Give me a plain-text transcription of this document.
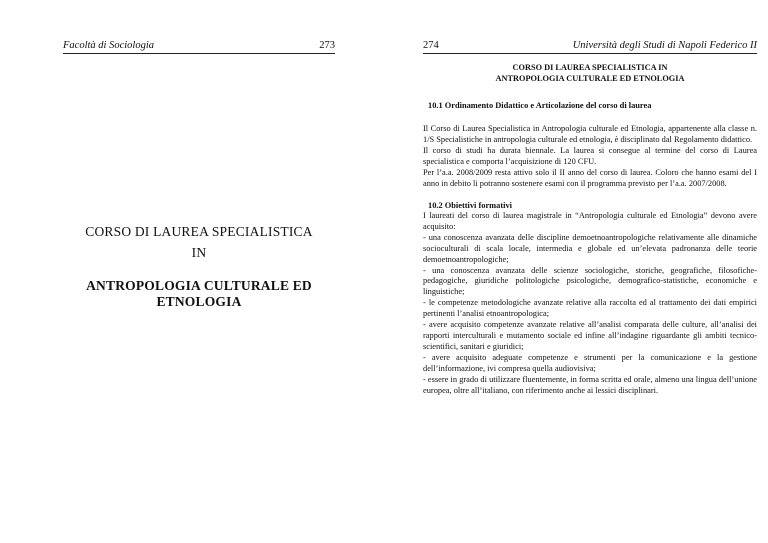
Facoltà di Sociologia	273
CORSO DI LAUREA SPECIALISTICA
IN
ANTROPOLOGIA CULTURALE ED ETNOLOGIA
274	Università degli Studi di Napoli Federico II
CORSO DI LAUREA SPECIALISTICA IN
ANTROPOLOGIA CULTURALE ED ETNOLOGIA
10.1 Ordinamento Didattico e Articolazione del corso di laurea

Il Corso di Laurea Specialistica in Antropologia culturale ed Etnologia, appartenente alla classe n. 1/S Specialistiche in antropologia culturale ed etnologia, è disciplinato dal Regolamento didattico.

Il corso di studi ha durata biennale. La laurea si consegue al termine del corso di Laurea specialistica e comporta l’acquisizione di 120 CFU.

Per l’a.a. 2008/2009 resta attivo solo il II anno del corso di laurea. Coloro che hanno esami del I anno in debito li potranno sostenere esami con il programma previsto per l’a.a. 2007/2008.

10.2 Obiettivi formativi

I laureati del corso di laurea magistrale in “Antropologia culturale ed Etnologia” devono avere acquisito:

- una conoscenza avanzata delle discipline demoetnoantropologiche relativamente alle dinamiche socioculturali di scala locale, intermedia e globale ed un’elevata padronanza delle teorie demoetnoantropologiche;

- una conoscenza avanzata delle scienze sociologiche, storiche, geografiche, filosofiche-pedagogiche, giuridiche politologiche psicologiche, demografico-statistiche, economiche e linguistiche;

- le competenze metodologiche avanzate relative alla raccolta ed al trattamento dei dati empirici pertinenti l’analisi etnoantropologica;

- avere acquisito competenze avanzate relative all’analisi comparata delle culture, all’analisi dei rapporti interculturali e mutamento sociale ed infine all’indagine riguardante gli ambiti tecnico-scientifici, sanitari e giuridici;

- avere acquisito adeguate competenze e strumenti per la comunicazione e la gestione dell’informazione, ivi compresa quella audiovisiva;

- essere in grado di utilizzare fluentemente, in forma scritta ed orale, almeno una lingua dell’unione europea, oltre all’italiano, con riferimento anche ai lessici disciplinari.
